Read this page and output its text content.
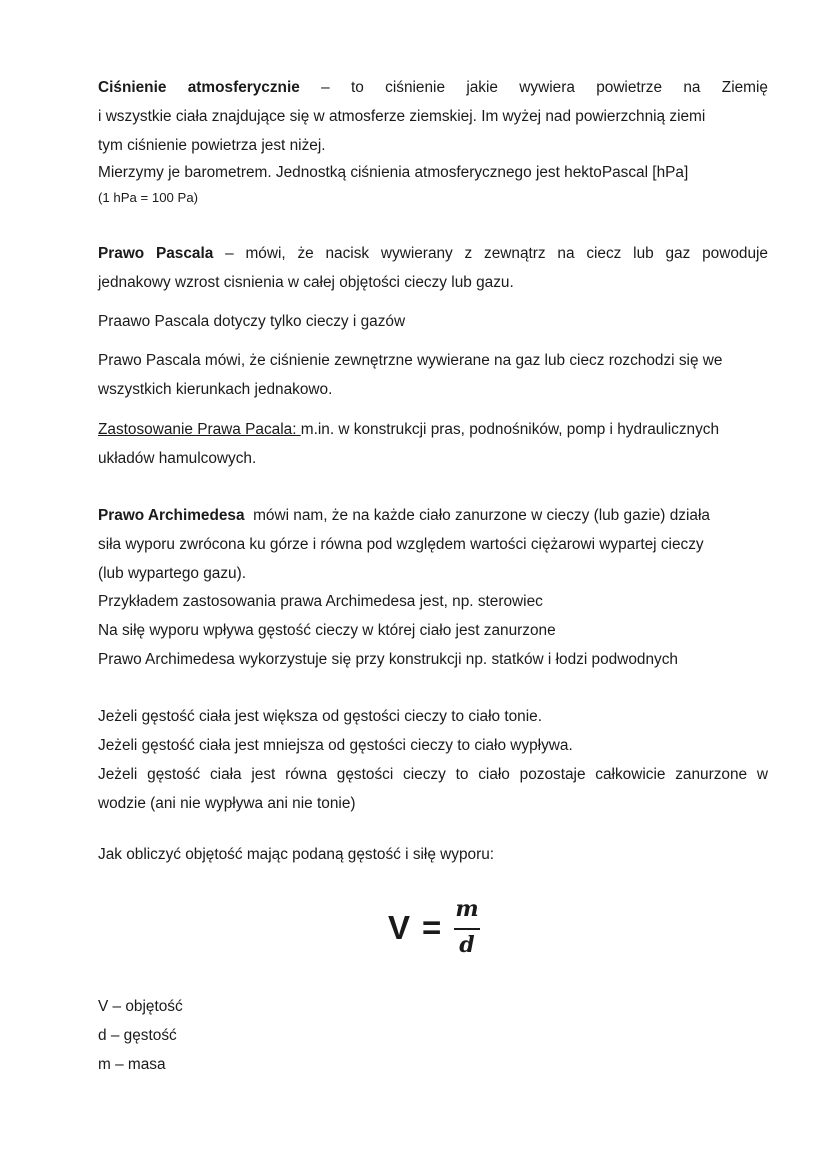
Ciśnienie atmosferycznie – to ciśnienie jakie wywiera powietrze na Ziemię
i wszystkie ciała znajdujące się w atmosferze ziemskiej. Im wyżej nad powierzchnią ziemi
tym ciśnienie powietrza jest niżej.
Mierzymy je barometrem. Jednostką ciśnienia atmosferycznego jest hektoPascal [hPa]
(1 hPa = 100 Pa)
Prawo Pascala – mówi, że nacisk wywierany z zewnątrz na ciecz lub gaz powoduje
jednakowy wzrost cisnienia w całej objętości cieczy lub gazu.
Praawo Pascala dotyczy tylko cieczy i gazów
Prawo Pascala mówi, że ciśnienie zewnętrzne wywierane na gaz lub ciecz rozchodzi się we
wszystkich kierunkach jednakowo.
Zastosowanie Prawa Pacala: m.in. w konstrukcji pras, podnośników, pomp i hydraulicznych
układów hamulcowych.
Prawo Archimedesa  mówi nam, że na każde ciało zanurzone w cieczy (lub gazie) działa
siła wyporu zwrócona ku górze i równa pod względem wartości ciężarowi wypartej cieczy
(lub wypartego gazu).
Przykładem zastosowania prawa Archimedesa jest, np. sterowiec
Na siłę wyporu wpływa gęstość cieczy w której ciało jest zanurzone
Prawo Archimedesa wykorzystuje się przy konstrukcji np. statków i łodzi podwodnych
Jeżeli gęstość ciała jest większa od gęstości cieczy to ciało tonie.
Jeżeli gęstość ciała jest mniejsza od gęstości cieczy to ciało wypływa.
Jeżeli gęstość ciała jest równa gęstości cieczy to ciało pozostaje całkowicie zanurzone w
wodzie (ani nie wypływa ani nie tonie)
Jak obliczyć objętość mając podaną gęstość i siłę wyporu:
V = m
d
V – objętość
d – gęstość
m – masa
